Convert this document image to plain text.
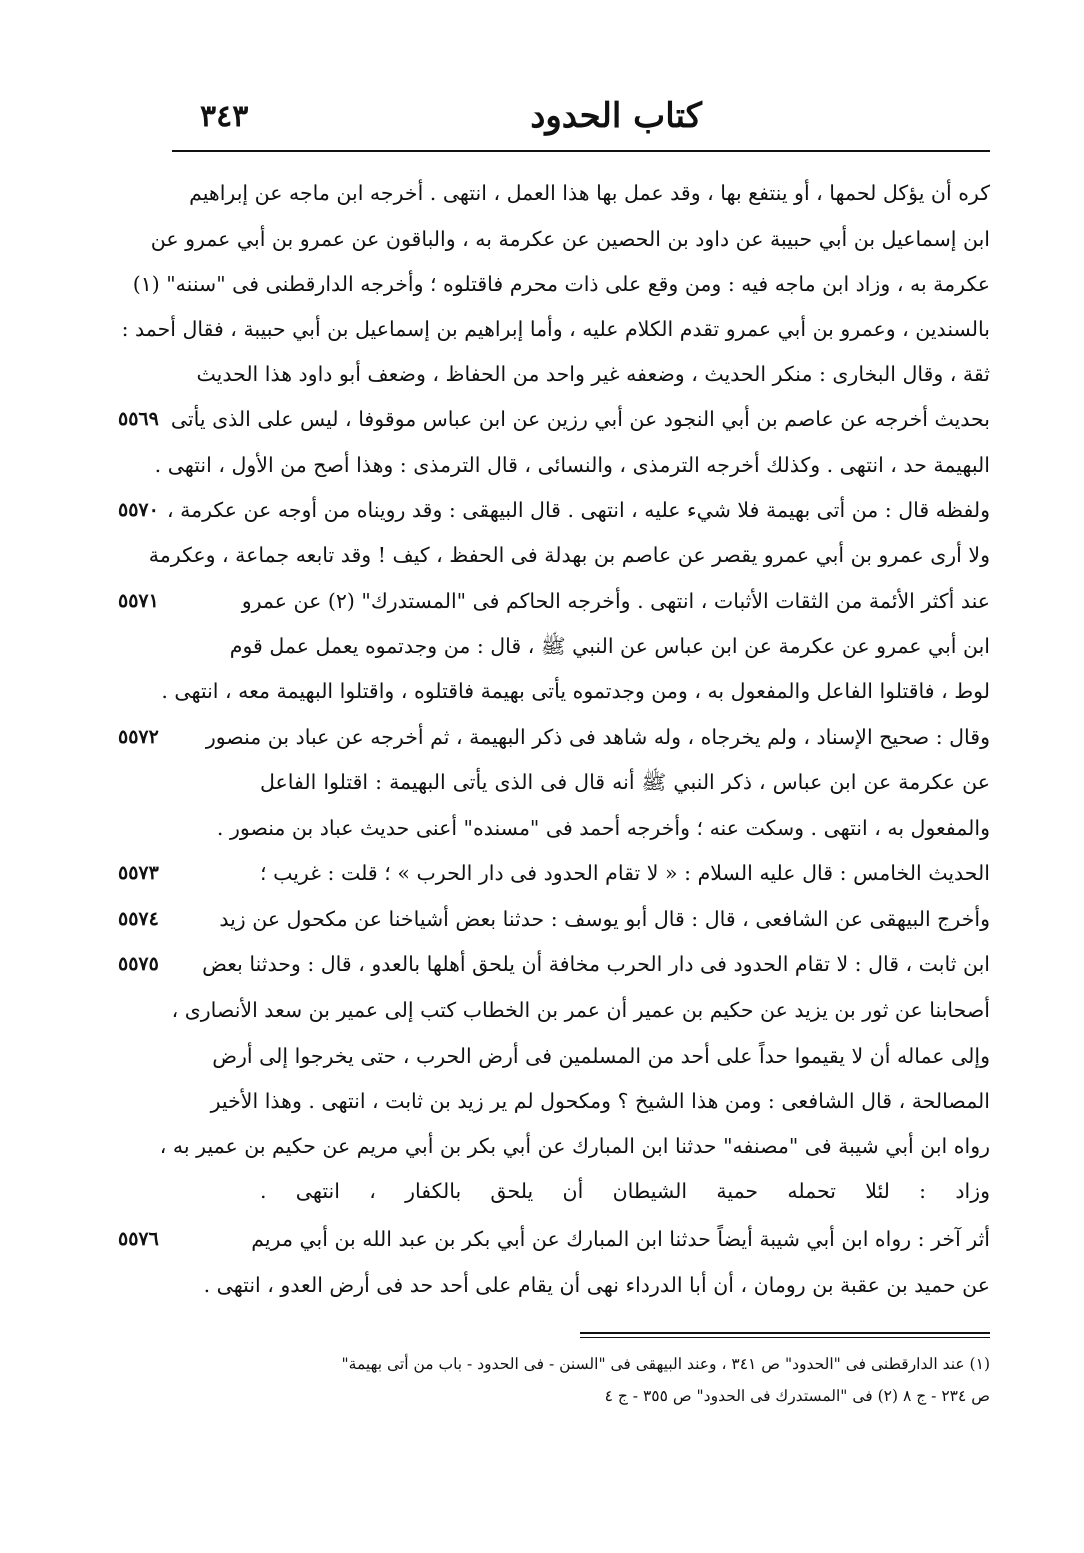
كتاب الحدود
٣٤٣
كره أن يؤكل لحمها ، أو ينتفع بها ، وقد عمل بها هذا العمل ، انتهى . أخرجه ابن ماجه عن إبراهيم
ابن إسماعيل بن أبي حبيبة عن داود بن الحصين عن عكرمة به ، والباقون عن عمرو بن أبي عمرو عن
عكرمة به ، وزاد ابن ماجه فيه : ومن وقع على ذات محرم فاقتلوه ؛ وأخرجه الدارقطنى فى "سننه" (١)
بالسندين ، وعمرو بن أبي عمرو تقدم الكلام عليه ، وأما إبراهيم بن إسماعيل بن أبي حبيبة ، فقال أحمد :
ثقة ، وقال البخارى : منكر الحديث ، وضعفه غير واحد من الحفاظ ، وضعف أبو داود هذا الحديث
بحديث أخرجه عن عاصم بن أبي النجود عن أبي رزين عن ابن عباس موقوفا ، ليس على الذى يأتى
٥٥٦٩
البهيمة حد ، انتهى . وكذلك أخرجه الترمذى ، والنسائى ، قال الترمذى : وهذا أصح من الأول ، انتهى .
ولفظه قال : من أتى بهيمة فلا شيء عليه ، انتهى . قال البيهقى : وقد رويناه من أوجه عن عكرمة ،
٥٥٧٠
ولا أرى عمرو بن أبي عمرو يقصر عن عاصم بن بهدلة فى الحفظ ، كيف ! وقد تابعه جماعة ، وعكرمة
عند أكثر الأئمة من الثقات الأثبات ، انتهى . وأخرجه الحاكم فى "المستدرك" (٢) عن عمرو
٥٥٧١
ابن أبي عمرو عن عكرمة عن ابن عباس عن النبي ﷺ ، قال : من وجدتموه يعمل عمل قوم
لوط ، فاقتلوا الفاعل والمفعول به ، ومن وجدتموه يأتى بهيمة فاقتلوه ، واقتلوا البهيمة معه ، انتهى .
وقال : صحيح الإسناد ، ولم يخرجاه ، وله شاهد فى ذكر البهيمة ، ثم أخرجه عن عباد بن منصور
٥٥٧٢
عن عكرمة عن ابن عباس ، ذكر النبي ﷺ أنه قال فى الذى يأتى البهيمة : اقتلوا الفاعل
والمفعول به ، انتهى . وسكت عنه ؛ وأخرجه أحمد فى "مسنده" أعنى حديث عباد بن منصور .
الحديث الخامس : قال عليه السلام : « لا تقام الحدود فى دار الحرب » ؛ قلت : غريب ؛
٥٥٧٣
وأخرج البيهقى عن الشافعى ، قال : قال أبو يوسف : حدثنا بعض أشياخنا عن مكحول عن زيد
٥٥٧٤
ابن ثابت ، قال : لا تقام الحدود فى دار الحرب مخافة أن يلحق أهلها بالعدو ، قال : وحدثنا بعض
٥٥٧٥
أصحابنا عن ثور بن يزيد عن حكيم بن عمير أن عمر بن الخطاب كتب إلى عمير بن سعد الأنصارى ،
وإلى عماله أن لا يقيموا حداً على أحد من المسلمين فى أرض الحرب ، حتى يخرجوا إلى أرض
المصالحة ، قال الشافعى : ومن هذا الشيخ ؟ ومكحول لم ير زيد بن ثابت ، انتهى . وهذا الأخير
رواه ابن أبي شيبة فى "مصنفه" حدثنا ابن المبارك عن أبي بكر بن أبي مريم عن حكيم بن عمير به ،
وزاد : لئلا تحمله حمية الشيطان أن يلحق بالكفار ، انتهى .
أثر آخر : رواه ابن أبي شيبة أيضاً حدثنا ابن المبارك عن أبي بكر بن عبد الله بن أبي مريم
٥٥٧٦
عن حميد بن عقبة بن رومان ، أن أبا الدرداء نهى أن يقام على أحد حد فى أرض العدو ، انتهى .
(١) عند الدارقطنى فى "الحدود" ص ٣٤١ ، وعند البيهقى فى "السنن - فى الحدود - باب من أتى بهيمة"
ص ٢٣٤ - ج ٨ (٢) فى "المستدرك فى الحدود" ص ٣٥٥ - ج ٤
